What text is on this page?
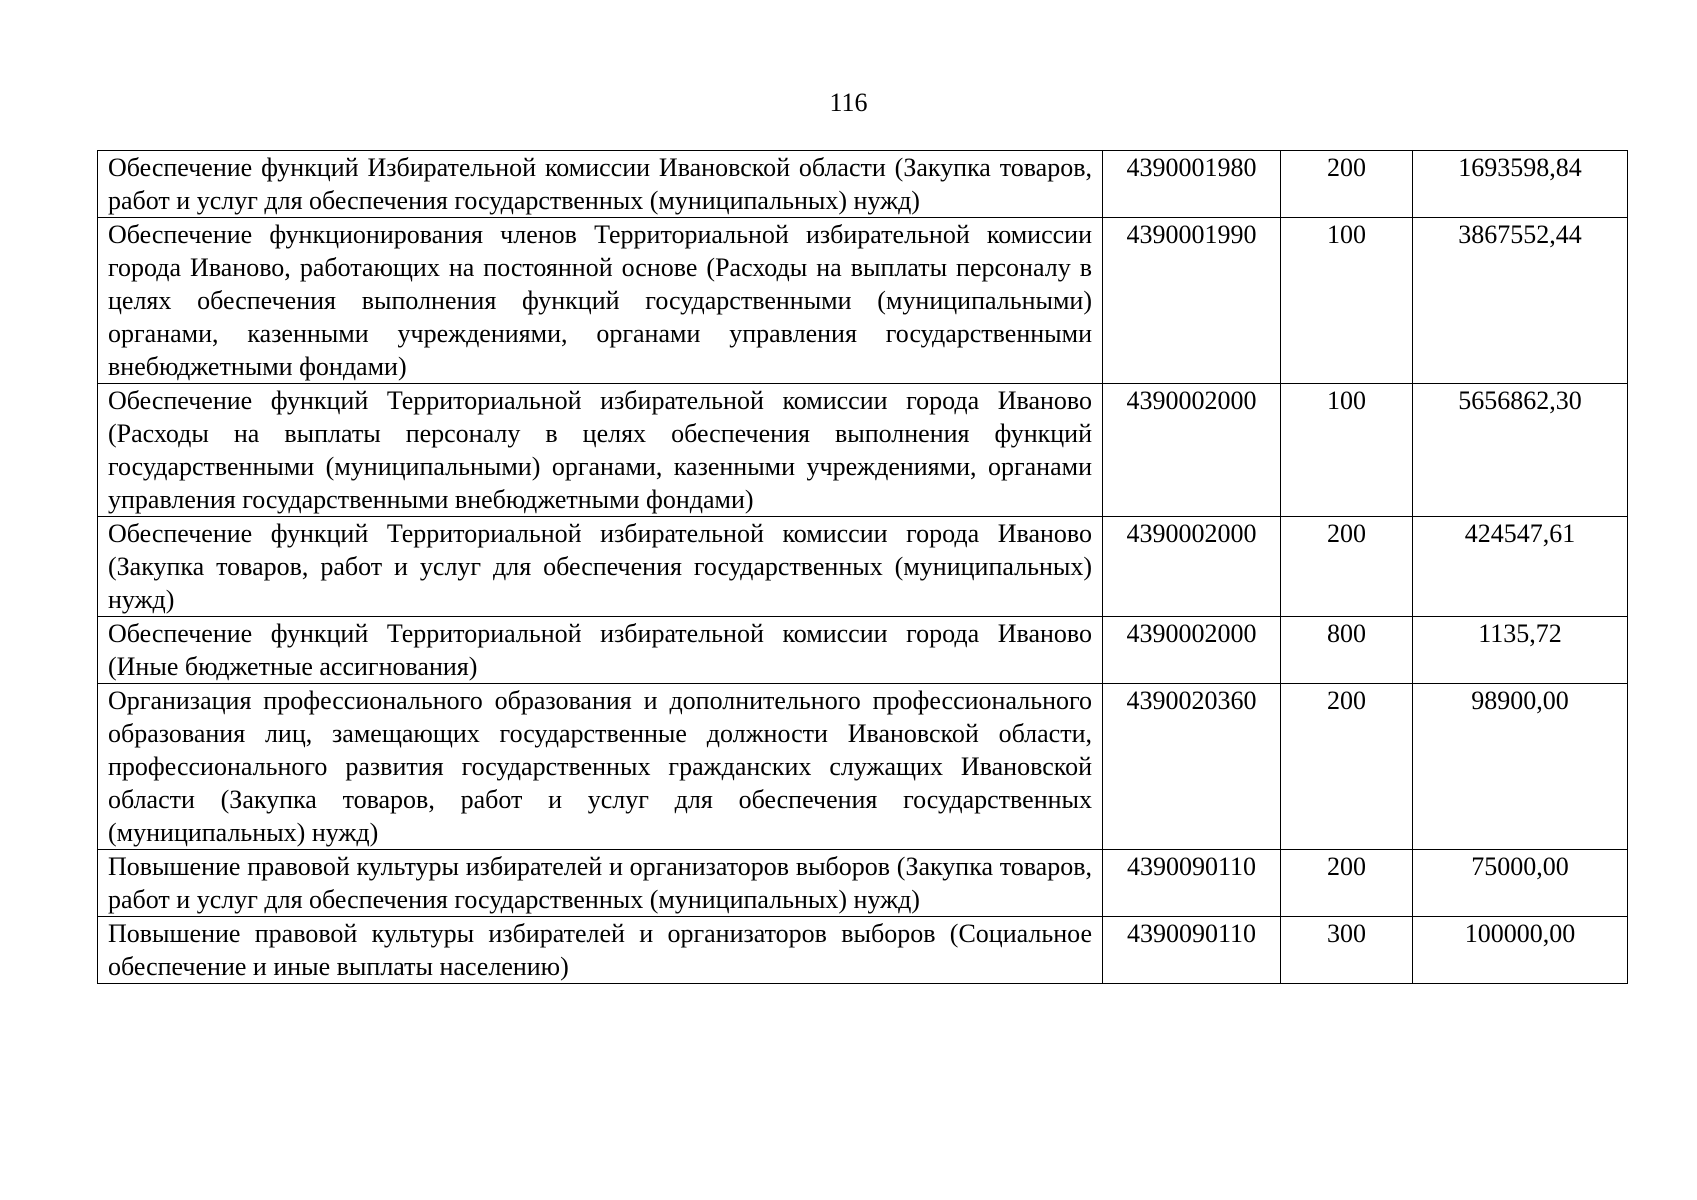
116
Обеспечение функций Избирательной комиссии Ивановской области (Закупка товаров, работ и услуг для обеспечения государственных (муниципальных) нужд)	4390001980	200	1693598,84
Обеспечение функционирования членов Территориальной избирательной комиссии города Иваново, работающих на постоянной основе (Расходы на выплаты персоналу в целях обеспечения выполнения функций государственными (муниципальными) органами, казенными учреждениями, органами управления государственными внебюджетными фондами)	4390001990	100	3867552,44
Обеспечение функций Территориальной избирательной комиссии города Иваново (Расходы на выплаты персоналу в целях обеспечения выполнения функций государственными (муниципальными) органами, казенными учреждениями, органами управления государственными внебюджетными фондами)	4390002000	100	5656862,30
Обеспечение функций Территориальной избирательной комиссии города Иваново (Закупка товаров, работ и услуг для обеспечения государственных (муниципальных) нужд)	4390002000	200	424547,61
Обеспечение функций Территориальной избирательной комиссии города Иваново (Иные бюджетные ассигнования)	4390002000	800	1135,72
Организация профессионального образования и дополнительного профессионального образования лиц, замещающих государственные должности Ивановской области, профессионального развития государственных гражданских служащих Ивановской области (Закупка товаров, работ и услуг для обеспечения государственных (муниципальных) нужд)	4390020360	200	98900,00
Повышение правовой культуры избирателей и организаторов выборов (Закупка товаров, работ и услуг для обеспечения государственных (муниципальных) нужд)	4390090110	200	75000,00
Повышение правовой культуры избирателей и организаторов выборов (Социальное обеспечение и иные выплаты населению)	4390090110	300	100000,00
